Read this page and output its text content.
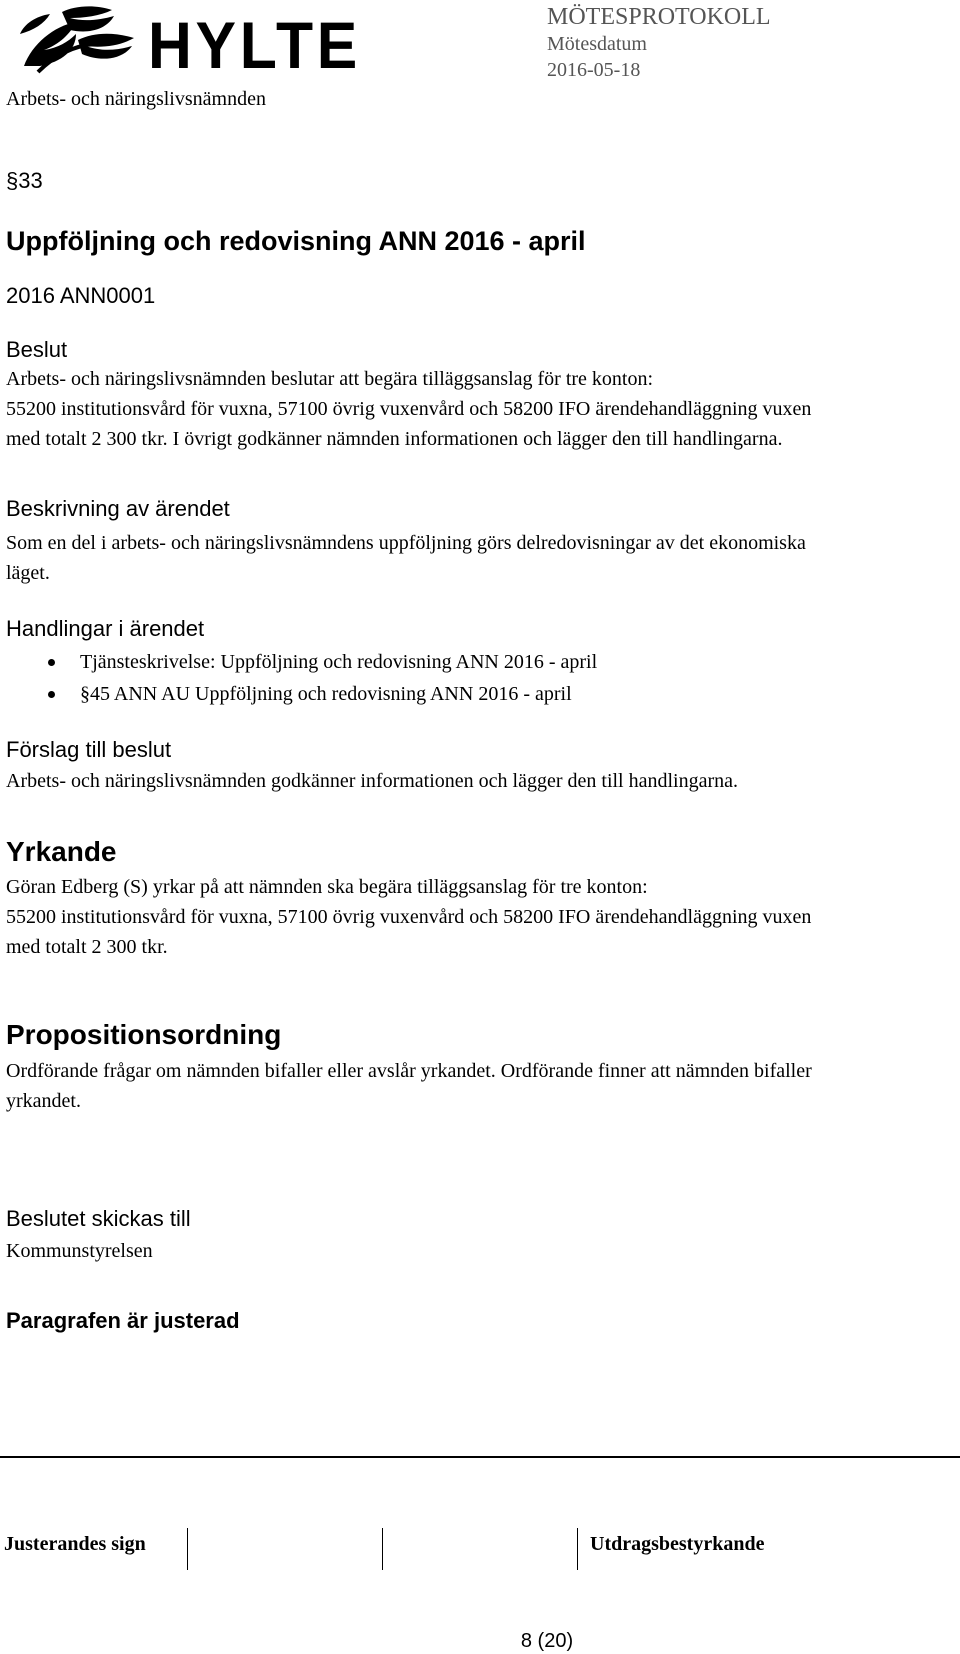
HYLTE
Arbets- och näringslivsnämnden
MÖTESPROTOKOLL
Mötesdatum
2016-05-18
§33
Uppföljning och redovisning ANN 2016 - april
2016 ANN0001
Beslut
Arbets- och näringslivsnämnden beslutar att begära tilläggsanslag för tre konton:
55200 institutionsvård för vuxna, 57100 övrig vuxenvård och 58200 IFO ärendehandläggning vuxen
med totalt 2 300 tkr. I övrigt godkänner nämnden informationen och lägger den till handlingarna.
Beskrivning av ärendet
Som en del i arbets- och näringslivsnämndens uppföljning görs delredovisningar av det ekonomiska
läget.
Handlingar i ärendet
Tjänsteskrivelse: Uppföljning och redovisning ANN 2016 - april
§45 ANN AU Uppföljning och redovisning ANN 2016 - april
Förslag till beslut
Arbets- och näringslivsnämnden godkänner informationen och lägger den till handlingarna.
Yrkande
Göran Edberg (S) yrkar på att nämnden ska begära tilläggsanslag för tre konton:
55200 institutionsvård för vuxna, 57100 övrig vuxenvård och 58200 IFO ärendehandläggning vuxen
med totalt 2 300 tkr.
Propositionsordning
Ordförande frågar om nämnden bifaller eller avslår yrkandet. Ordförande finner att nämnden bifaller
yrkandet.
Beslutet skickas till
Kommunstyrelsen
Paragrafen är justerad
Justerandes sign	Utdragsbestyrkande
8 (20)
